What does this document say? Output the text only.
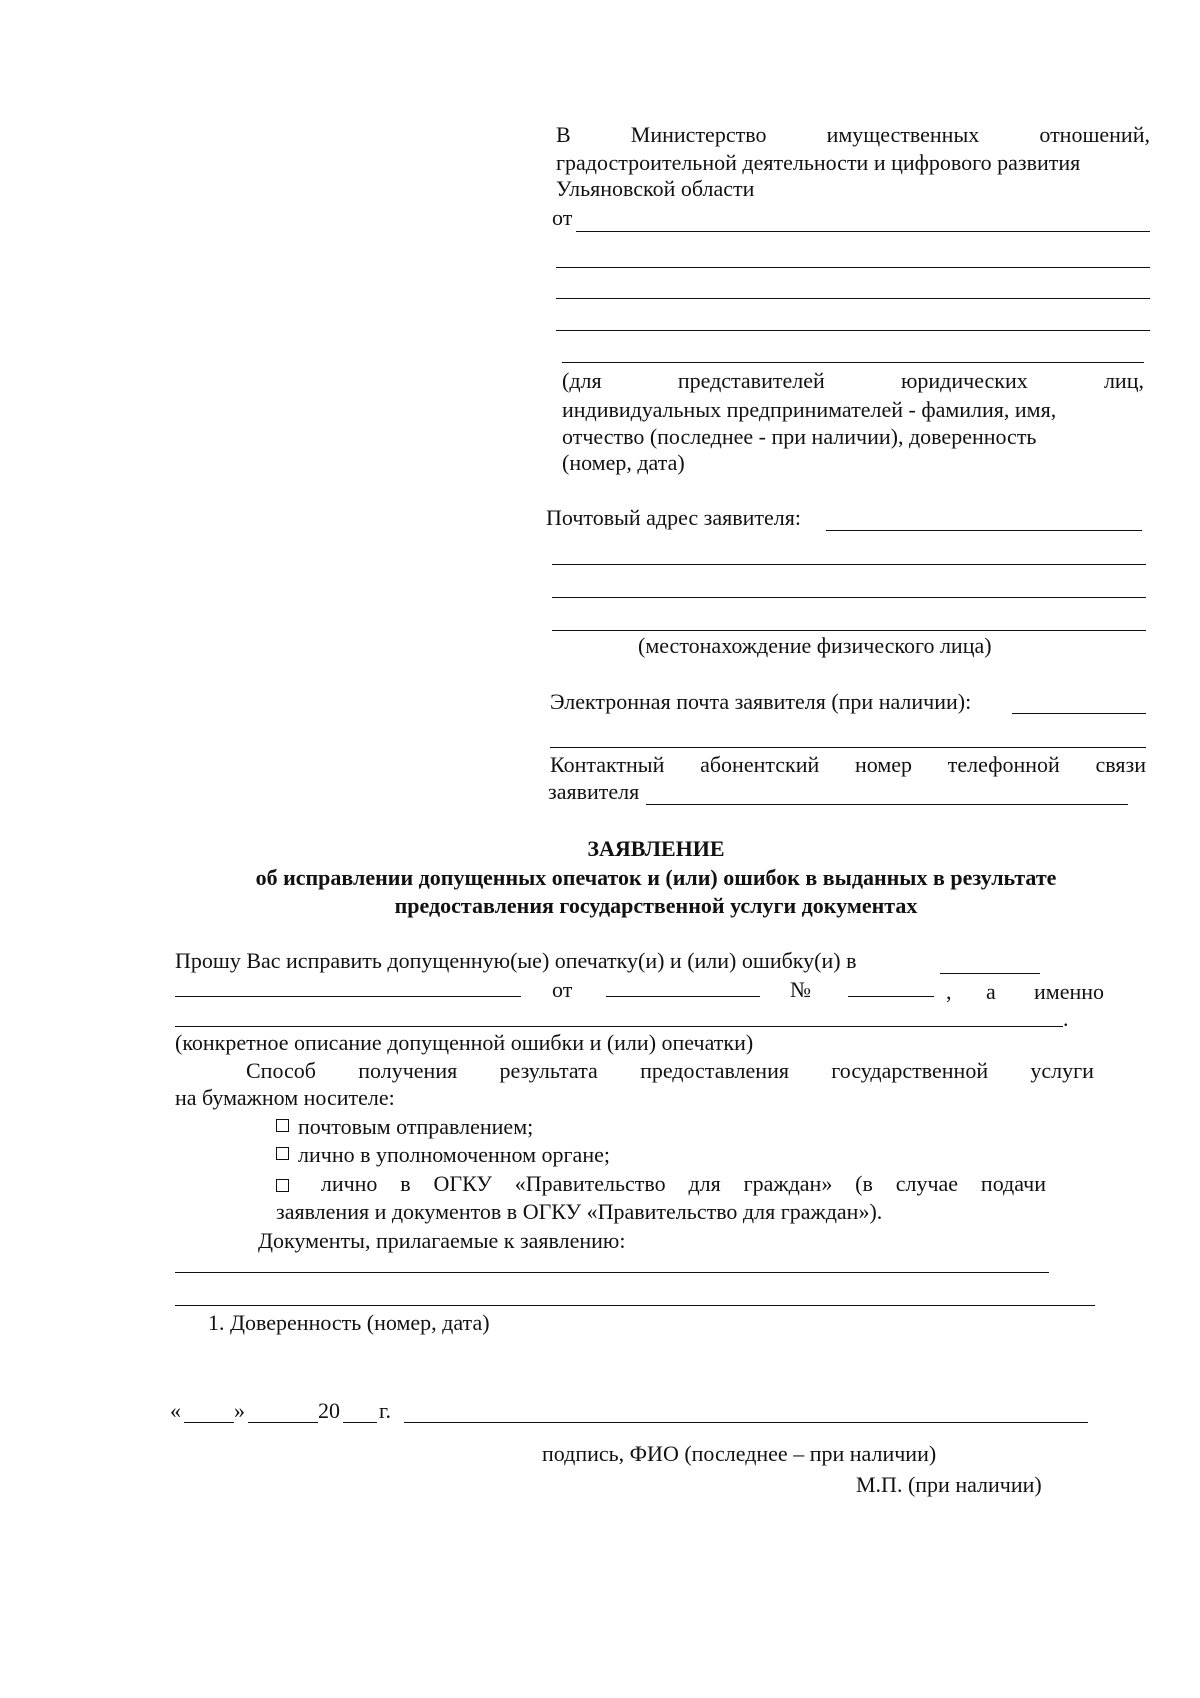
В	Министерство	имущественных	отношений,
градостроительной деятельности и цифрового развития
Ульяновской области
от
(для	представителей	юридических	лиц,
индивидуальных предпринимателей - фамилия, имя,
отчество (последнее - при наличии), доверенность
(номер, дата)
Почтовый адрес заявителя:
(местонахождение физического лица)
Электронная почта заявителя (при наличии):
Контактный абонентский номер телефонной связи
заявителя
ЗАЯВЛЕНИЕ
об исправлении допущенных опечаток и (или) ошибок в выданных в результате
предоставления государственной услуги документах
Прошу Вас исправить допущенную(ые) опечатку(и) и (или) ошибку(и) в
от	№	, а именно
.
(конкретное описание допущенной ошибки и (или) опечатки)
Способ получения результата предоставления государственной услуги
на бумажном носителе:
почтовым отправлением;
лично в уполномоченном органе;
лично в ОГКУ «Правительство для граждан» (в случае подачи
заявления и документов в ОГКУ «Правительство для граждан»).
Документы, прилагаемые к заявлению:
1. Доверенность (номер, дата)
« »	20 г.
подпись, ФИО (последнее – при наличии)
М.П. (при наличии)
